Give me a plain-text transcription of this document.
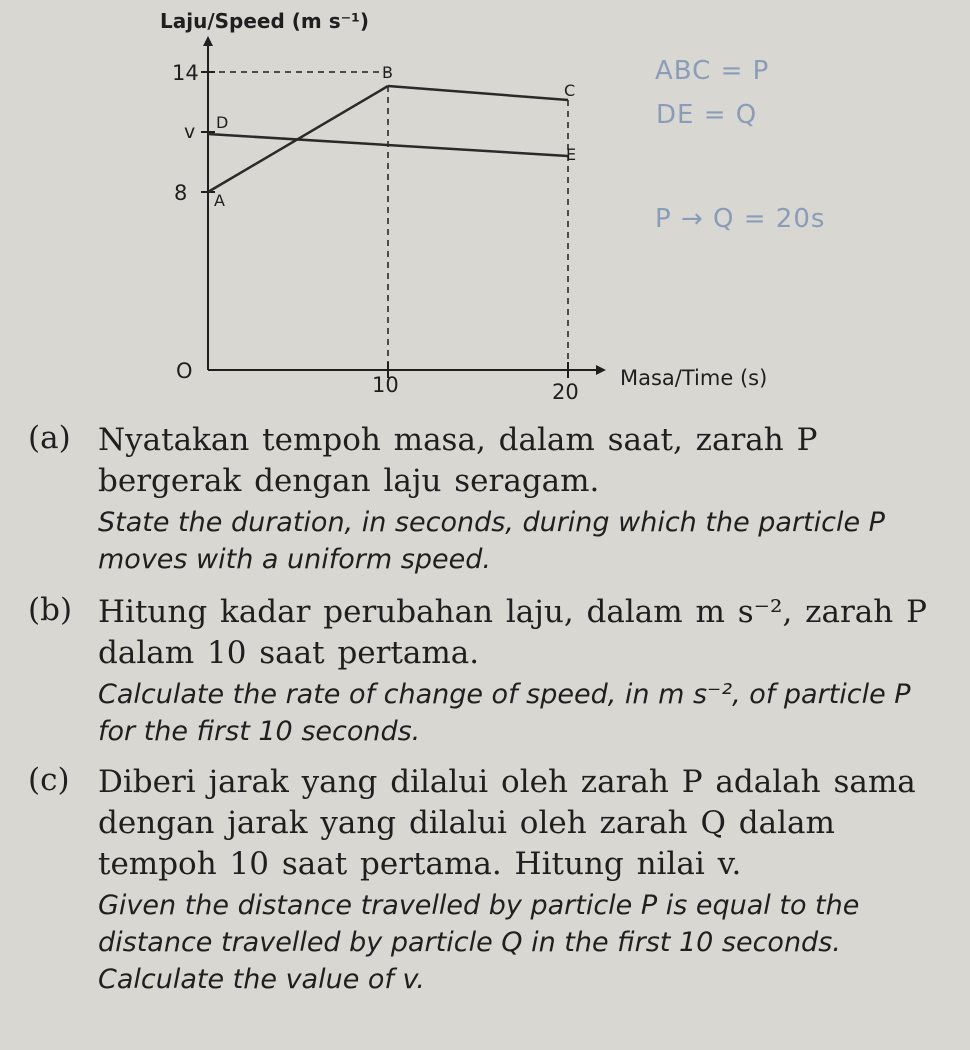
Laju/Speed (m s⁻¹)
14
v
8
O
10	20
Masa/Time (s)
A
B
C
D
E
ABC = P
DE = Q
P → Q = 20s
(a) Nyatakan tempoh masa, dalam saat, zarah P bergerak dengan laju seragam.
State the duration, in seconds, during which the particle P moves with a uniform speed.
(b) Hitung kadar perubahan laju, dalam m s⁻², zarah P dalam 10 saat pertama.
Calculate the rate of change of speed, in m s⁻², of particle P for the first 10 seconds.
(c) Diberi jarak yang dilalui oleh zarah P adalah sama dengan jarak yang dilalui oleh zarah Q dalam tempoh 10 saat pertama. Hitung nilai v.
Given the distance travelled by particle P is equal to the distance travelled by particle Q in the first 10 seconds. Calculate the value of v.
